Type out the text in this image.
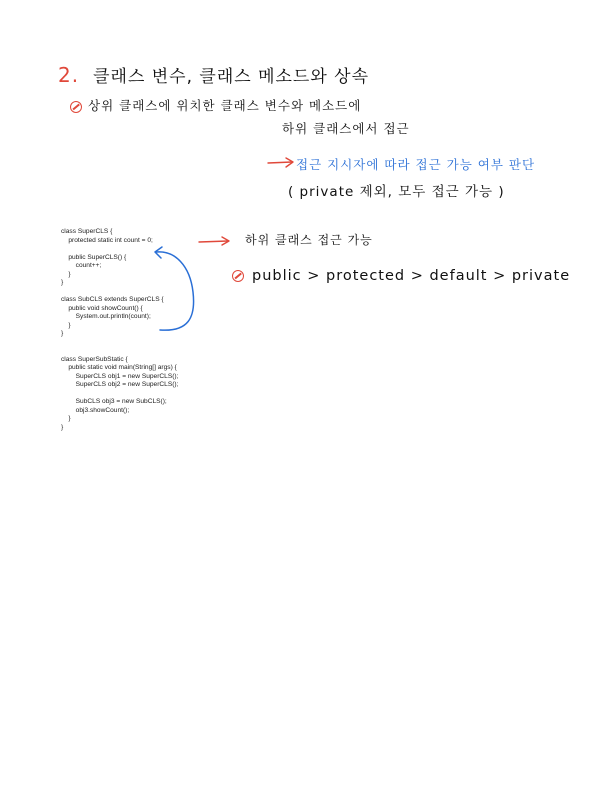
2. 클래스 변수, 클래스 메소드와 상속
상위 클래스에 위치한 클래스 변수와 메소드에
하위 클래스에서 접근
접근 지시자에 따라 접근 가능 여부 판단
( private 제외, 모두 접근 가능 )
class SuperCLS {
protected static int count = 0;

public SuperCLS() {
count++;
}
}

class SubCLS extends SuperCLS {
public void showCount() {
System.out.println(count);
}
}

class SuperSubStatic {
public static void main(String[] args) {
SuperCLS obj1 = new SuperCLS();
SuperCLS obj2 = new SuperCLS();

SubCLS obj3 = new SubCLS();
obj3.showCount();
}
}

하위 클래스 접근 가능
public > protected > default > private
